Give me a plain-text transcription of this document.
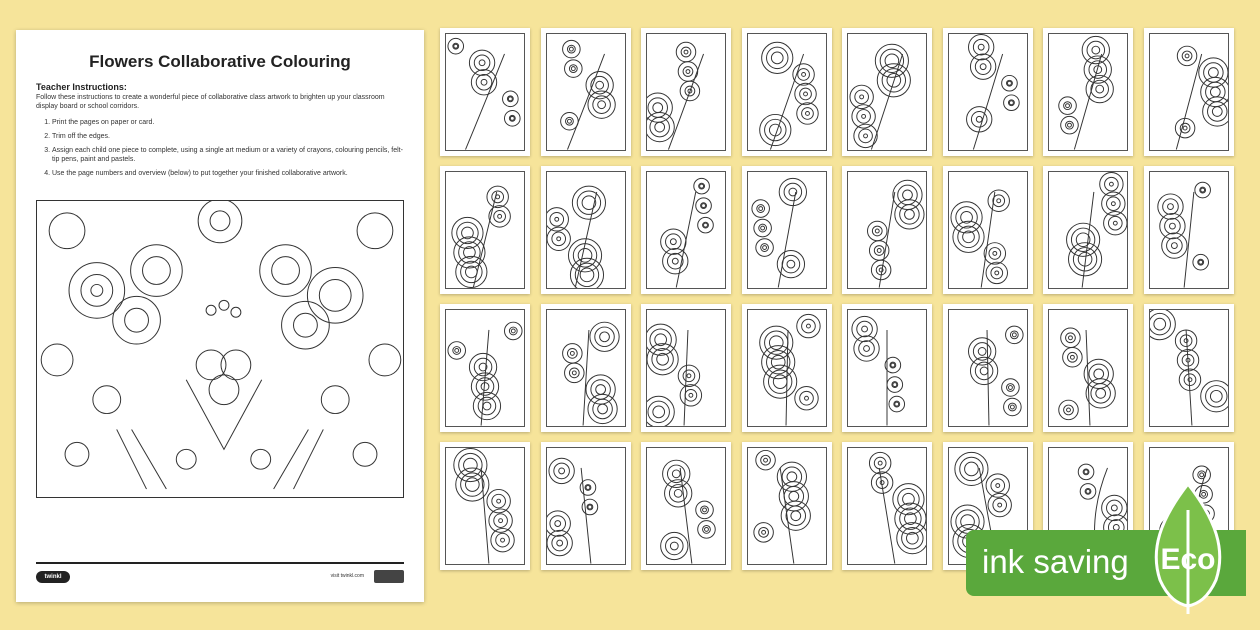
Flowers Collaborative Colouring
Teacher Instructions:
Follow these instructions to create a wonderful piece of collaborative class artwork to brighten up your classroom display board or school corridors.
1. Print the pages on paper or card.
2. Trim off the edges.
3. Assign each child one piece to complete, using a single art medium or a variety of crayons, colouring pencils, felt-tip pens, paint and pastels.
4. Use the page numbers and overview (below) to put together your finished collaborative artwork.
twinkl	visit twinkl.com	ink saving Eco
